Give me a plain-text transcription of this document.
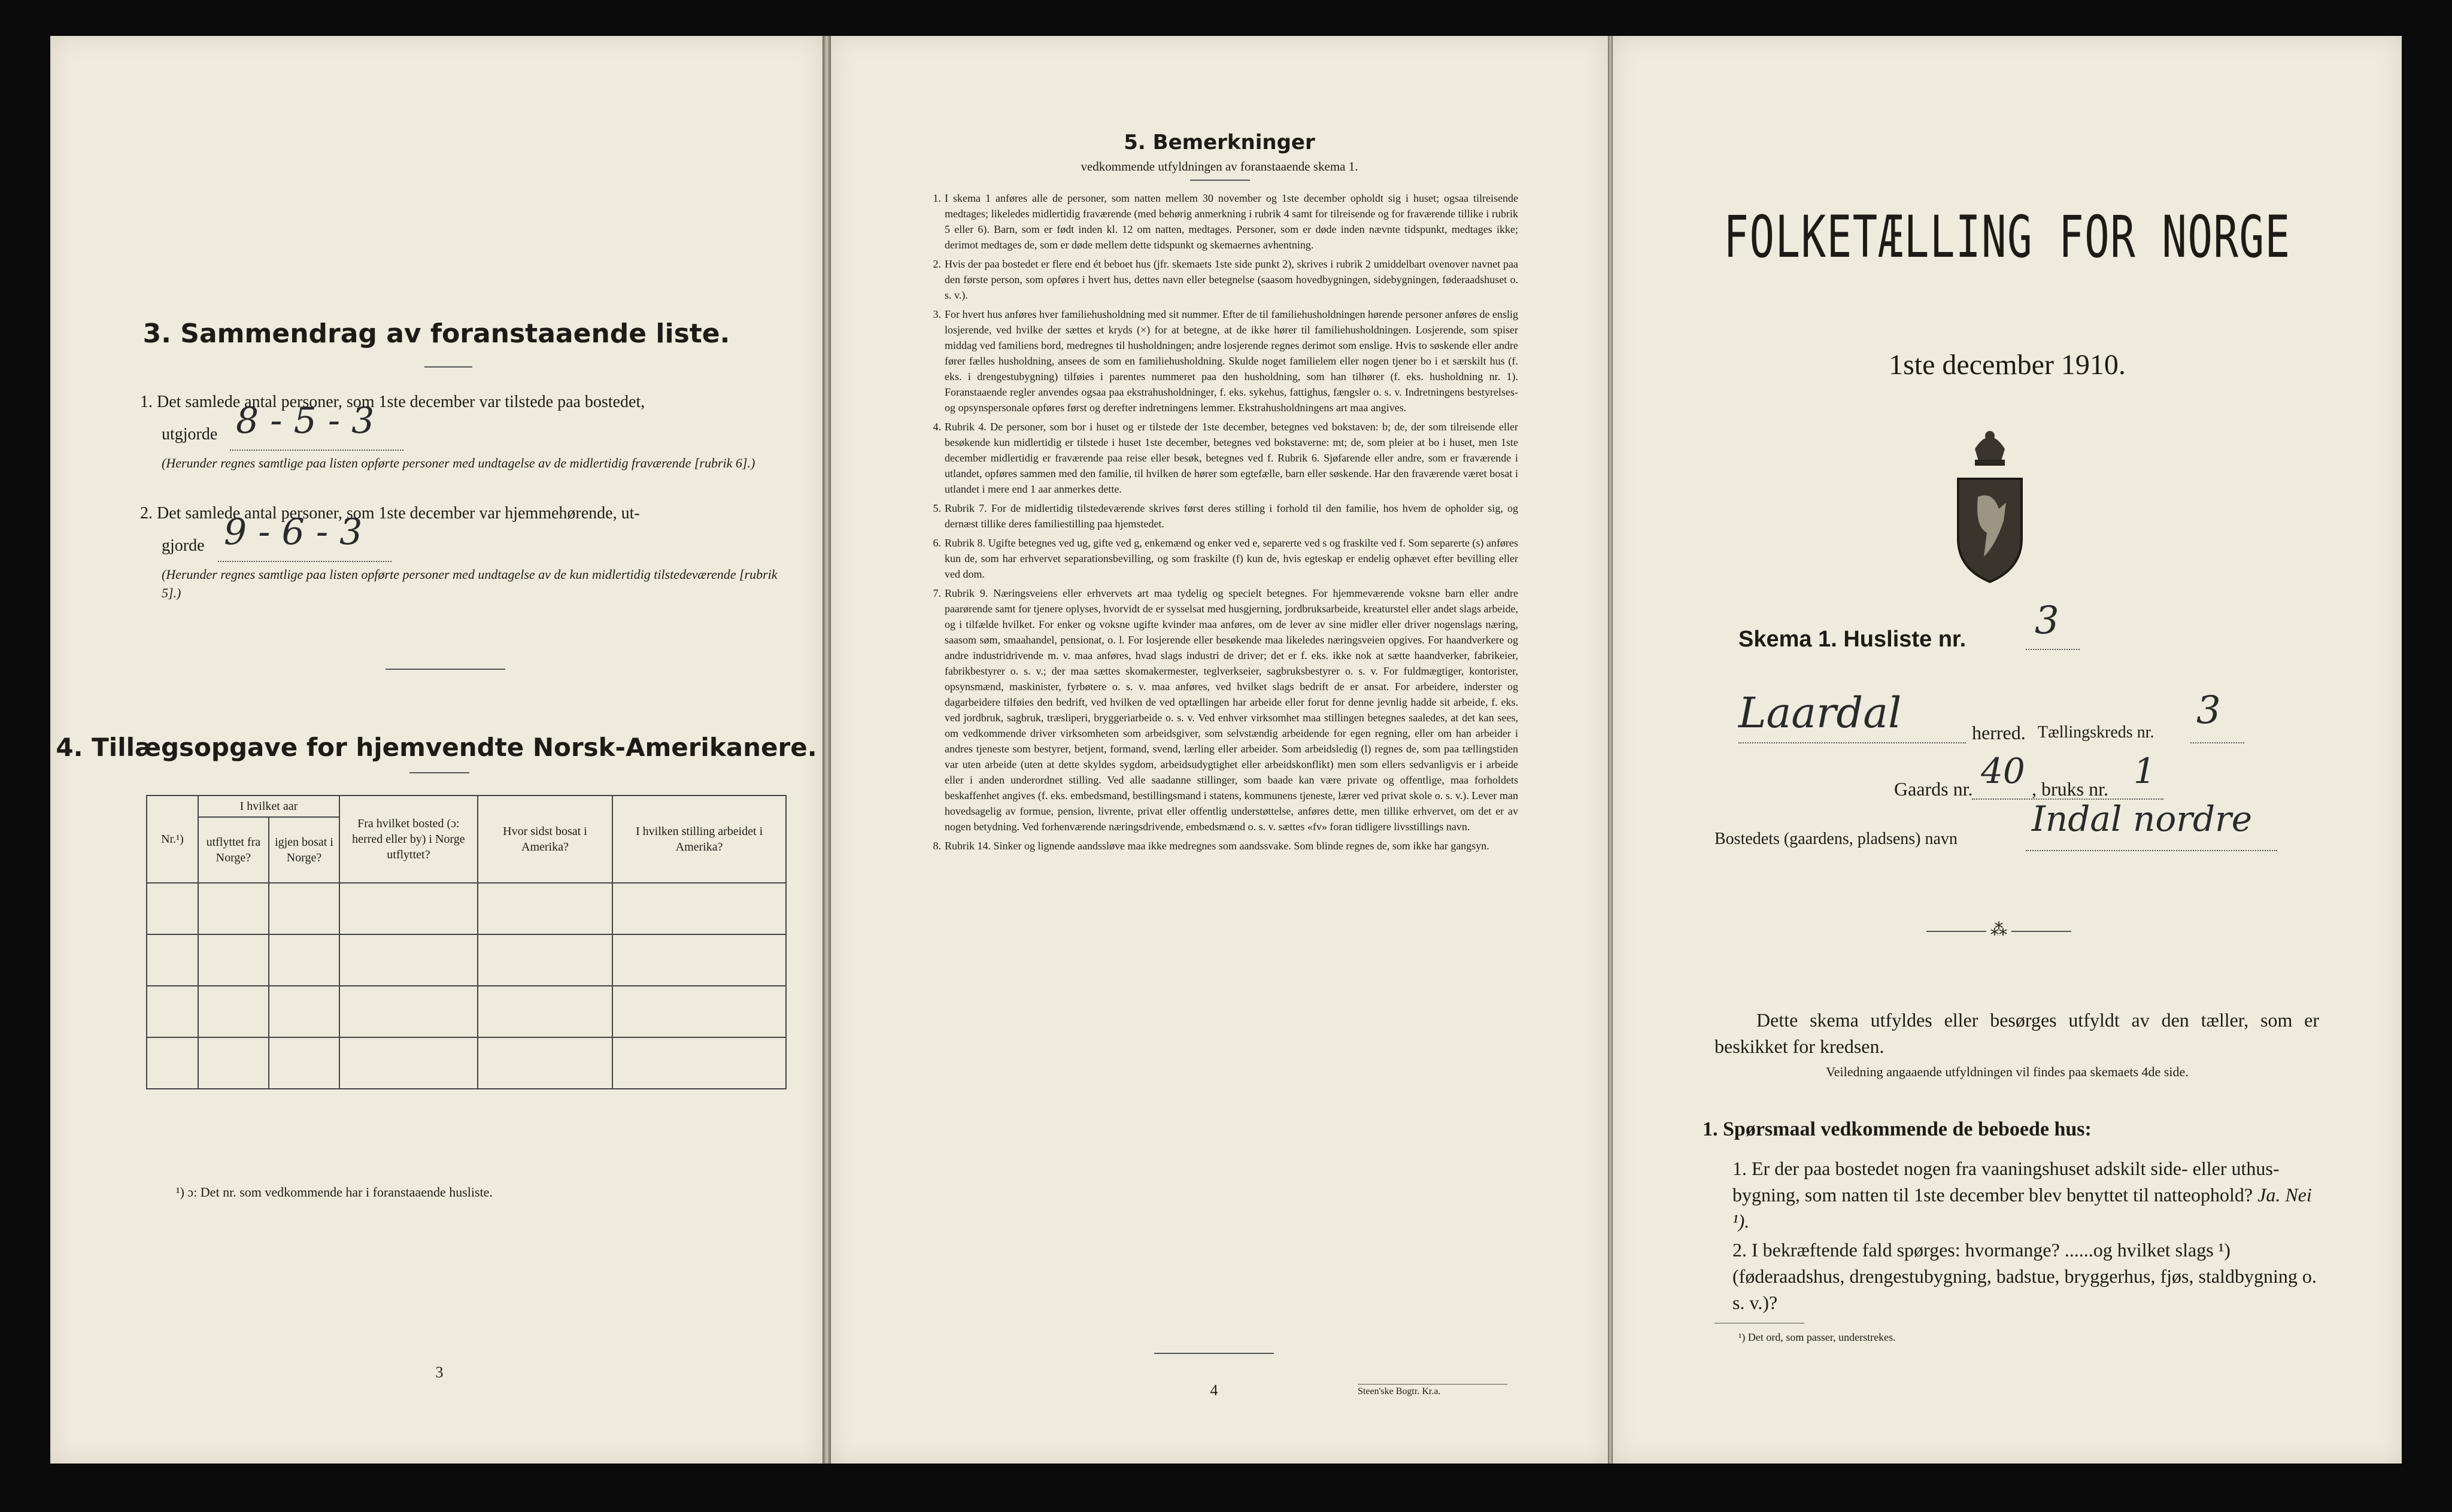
3. Sammendrag av foranstaaende liste.
1. Det samlede antal personer, som 1ste december var tilstede paa bostedet,
utgjorde 8 - 5 - 3
(Herunder regnes samtlige paa listen opførte personer med undtagelse av de midlertidig fraværende [rubrik 6].)
2. Det samlede antal personer, som 1ste december var hjemmehørende, ut-
gjorde 9 - 6 - 3
(Herunder regnes samtlige paa listen opførte personer med undtagelse av de kun midlertidig tilstedeværende [rubrik 5].)
4. Tillægsopgave for hjemvendte Norsk-Amerikanere.
Nr.¹)	I hvilket aar		Fra hvilket bosted (ɔ: herred eller by) i Norge utflyttet?	Hvor sidst bosat i Amerika?	I hvilken stilling arbeidet i Amerika?
	utflyttet fra Norge?	igjen bosat i Norge?			

¹) ɔ: Det nr. som vedkommende har i foranstaaende husliste.
3
5. Bemerkninger
vedkommende utfyldningen av foranstaaende skema 1.
1. I skema 1 anføres alle de personer, som natten mellem 30 november og 1ste december opholdt sig i huset; ogsaa tilreisende medtages; likeledes midlertidig fraværende (med behørig anmerkning i rubrik 4 samt for tilreisende og for fraværende tillike i rubrik 5 eller 6). Barn, som er født inden kl. 12 om natten, medtages. Personer, som er døde inden nævnte tidspunkt, medtages ikke; derimot medtages de, som er døde mellem dette tidspunkt og skemaernes avhentning.
2. Hvis der paa bostedet er flere end ét beboet hus (jfr. skemaets 1ste side punkt 2), skrives i rubrik 2 umiddelbart ovenover navnet paa den første person, som opføres i hvert hus, dettes navn eller betegnelse (saasom hovedbygningen, sidebygningen, føderaadshuset o. s. v.).
3. For hvert hus anføres hver familiehusholdning med sit nummer. Efter de til familiehusholdningen hørende personer anføres de enslig losjerende, ved hvilke der sættes et kryds (×) for at betegne, at de ikke hører til familiehusholdningen. Losjerende, som spiser middag ved familiens bord, medregnes til husholdningen; andre losjerende regnes derimot som enslige. Hvis to søskende eller andre fører fælles husholdning, ansees de som en familiehusholdning. Skulde noget familielem eller nogen tjener bo i et særskilt hus (f. eks. i drengestubygning) tilføies i parentes nummeret paa den husholdning, som han tilhører (f. eks. husholdning nr. 1). Foranstaaende regler anvendes ogsaa paa ekstrahusholdninger, f. eks. sykehus, fattighus, fængsler o. s. v. Indretningens bestyrelses- og opsynspersonale opføres først og derefter indretningens lemmer. Ekstrahusholdningens art maa angives.
4. Rubrik 4. De personer, som bor i huset og er tilstede der 1ste december, betegnes ved bokstaven: b; de, der som tilreisende eller besøkende kun midlertidig er tilstede i huset 1ste december, betegnes ved bokstaverne: mt; de, som pleier at bo i huset, men 1ste december midlertidig er fraværende paa reise eller besøk, betegnes ved f. Rubrik 6. Sjøfarende eller andre, som er fraværende i utlandet, opføres sammen med den familie, til hvilken de hører som egtefælle, barn eller søskende. Har den fraværende været bosat i utlandet i mere end 1 aar anmerkes dette.
5. Rubrik 7. For de midlertidig tilstedeværende skrives først deres stilling i forhold til den familie, hos hvem de opholder sig, og dernæst tillike deres familiestilling paa hjemstedet.
6. Rubrik 8. Ugifte betegnes ved ug, gifte ved g, enkemænd og enker ved e, separerte ved s og fraskilte ved f. Som separerte (s) anføres kun de, som har erhvervet separationsbevilling, og som fraskilte (f) kun de, hvis egteskap er endelig ophævet efter bevilling eller ved dom.
7. Rubrik 9. Næringsveiens eller erhvervets art maa tydelig og specielt betegnes. For hjemmeværende voksne barn eller andre paarørende samt for tjenere oplyses, hvorvidt de er sysselsat med husgjerning, jordbruksarbeide, kreaturstel eller andet slags arbeide, og i tilfælde hvilket. For enker og voksne ugifte kvinder maa anføres, om de lever av sine midler eller driver nogenslags næring, saasom søm, smaahandel, pensionat, o. l. For losjerende eller besøkende maa likeledes næringsveien opgives. For haandverkere og andre industridrivende m. v. maa anføres, hvad slags industri de driver; det er f. eks. ikke nok at sætte haandverker, fabrikeier, fabrikbestyrer o. s. v.; der maa sættes skomakermester, teglverkseier, sagbruksbestyrer o. s. v. For fuldmægtiger, kontorister, opsynsmænd, maskinister, fyrbøtere o. s. v. maa anføres, ved hvilket slags bedrift de er ansat. For arbeidere, inderster og dagarbeidere tilføies den bedrift, ved hvilken de ved optællingen har arbeide eller forut for denne jevnlig hadde sit arbeide, f. eks. ved jordbruk, sagbruk, træsliperi, bryggeriarbeide o. s. v. Ved enhver virksomhet maa stillingen betegnes saaledes, at det kan sees, om vedkommende driver virksomheten som arbeidsgiver, som selvstændig arbeidende for egen regning, eller om han arbeider i andres tjeneste som bestyrer, betjent, formand, svend, lærling eller arbeider. Som arbeidsledig (l) regnes de, som paa tællingstiden var uten arbeide (uten at dette skyldes sygdom, arbeidsudygtighet eller arbeidskonflikt) men som ellers sedvanligvis er i arbeide eller i anden underordnet stilling. Ved alle saadanne stillinger, som baade kan være private og offentlige, maa forholdets beskaffenhet angives (f. eks. embedsmand, bestillingsmand i statens, kommunens tjeneste, lærer ved privat skole o. s. v.). Lever man hovedsagelig av formue, pension, livrente, privat eller offentlig understøttelse, anføres dette, men tillike erhvervet, om det er av nogen betydning. Ved forhenværende næringsdrivende, embedsmænd o. s. v. sættes «fv» foran tidligere livsstillings navn.
8. Rubrik 14. Sinker og lignende aandssløve maa ikke medregnes som aandssvake. Som blinde regnes de, som ikke har gangsyn.
4	Steen'ske Bogtr. Kr.a.
FOLKETÆLLING FOR NORGE
1ste december 1910.
Skema 1. Husliste nr. 3
Laardal	herred. Tællingskreds nr. 3
Gaards nr. 40 , bruks nr. 1
Bostedets (gaardens, pladsens) navn Indal nordre
⁂
Dette skema utfyldes eller besørges utfyldt av den tæller, som er beskikket for kredsen.
Veiledning angaaende utfyldningen vil findes paa skemaets 4de side.
1. Spørsmaal vedkommende de beboede hus:
1. Er der paa bostedet nogen fra vaaningshuset adskilt side- eller uthus-bygning, som natten til 1ste december blev benyttet til natteophold? Ja. Nei ¹).
2. I bekræftende fald spørges: hvormange? ......og hvilket slags ¹) (føderaadshus, drengestubygning, badstue, bryggerhus, fjøs, staldbygning o. s. v.)?
¹) Det ord, som passer, understrekes.
